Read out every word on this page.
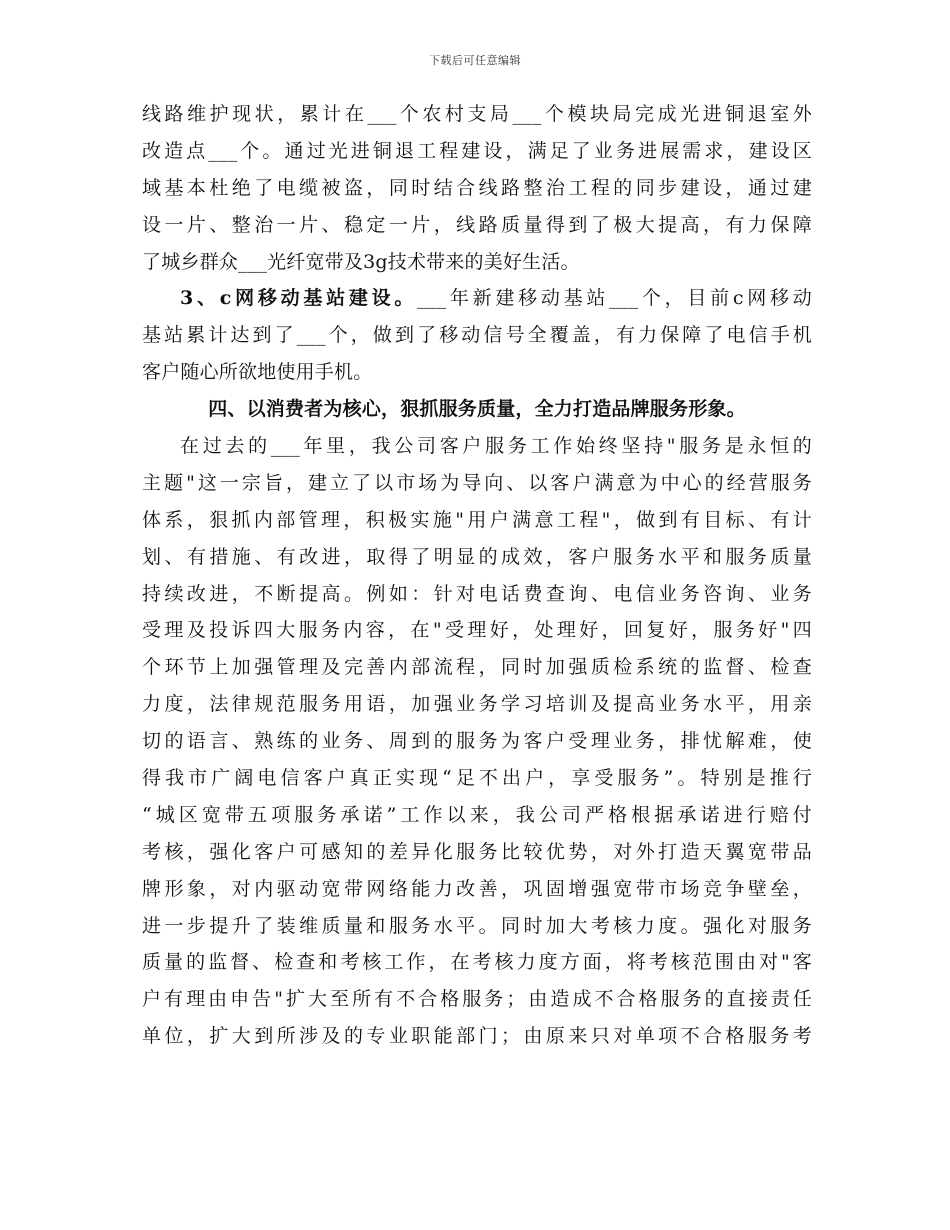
下载后可任意编辑
线路维护现状，累计在___个农村支局___个模块局完成光进铜退室外
改造点___个。通过光进铜退工程建设，满足了业务进展需求，建设区
域基本杜绝了电缆被盗，同时结合线路整治工程的同步建设，通过建
设一片、整治一片、稳定一片，线路质量得到了极大提高，有力保障
了城乡群众___光纤宽带及3g技术带来的美好生活。
3、c网移动基站建设。___年新建移动基站___个，目前c网移动
基站累计达到了___个，做到了移动信号全覆盖，有力保障了电信手机
客户随心所欲地使用手机。
四、以消费者为核心，狠抓服务质量，全力打造品牌服务形象。
在过去的___年里，我公司客户服务工作始终坚持"服务是永恒的
主题"这一宗旨，建立了以市场为导向、以客户满意为中心的经营服务
体系，狠抓内部管理，积极实施"用户满意工程"，做到有目标、有计
划、有措施、有改进，取得了明显的成效，客户服务水平和服务质量
持续改进，不断提高。例如：针对电话费查询、电信业务咨询、业务
受理及投诉四大服务内容，在"受理好，处理好，回复好，服务好"四
个环节上加强管理及完善内部流程，同时加强质检系统的监督、检查
力度，法律规范服务用语，加强业务学习培训及提高业务水平，用亲
切的语言、熟练的业务、周到的服务为客户受理业务，排忧解难，使
得我市广阔电信客户真正实现“足不出户，享受服务”。特别是推行
“城区宽带五项服务承诺”工作以来，我公司严格根据承诺进行赔付
考核，强化客户可感知的差异化服务比较优势，对外打造天翼宽带品
牌形象，对内驱动宽带网络能力改善，巩固增强宽带市场竞争壁垒，
进一步提升了装维质量和服务水平。同时加大考核力度。强化对服务
质量的监督、检查和考核工作，在考核力度方面，将考核范围由对"客
户有理由申告"扩大至所有不合格服务；由造成不合格服务的直接责任
单位，扩大到所涉及的专业职能部门；由原来只对单项不合格服务考
